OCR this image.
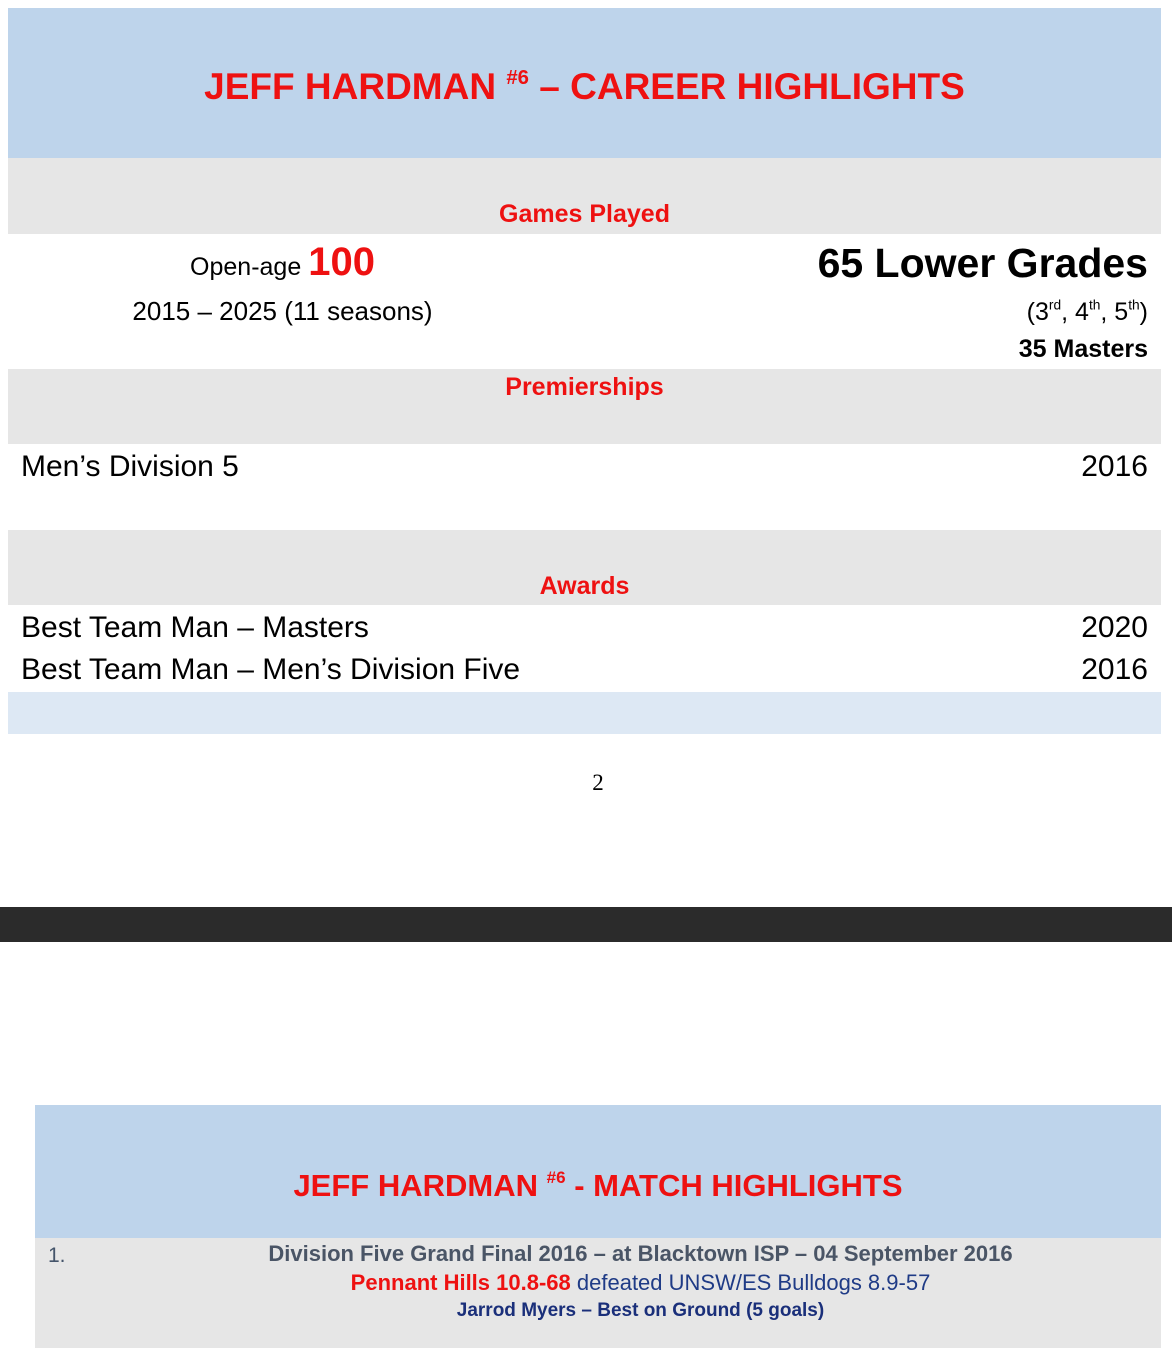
JEFF HARDMAN $^{\#6}$ – CAREER HIGHLIGHTS
Games Played
Open-age 100
2015 – 2025 (11 seasons)
65 Lower Grades
(3rd, 4th, 5th)
35 Masters
Premierships
Men’s Division 5	2016
Awards
Best Team Man – Masters	2020
Best Team Man – Men’s Division Five	2016
2
JEFF HARDMAN $^{\#6}$ - MATCH HIGHLIGHTS
1.	Division Five Grand Final 2016 – at Blacktown ISP – 04 September 2016
Pennant Hills 10.8-68 defeated UNSW/ES Bulldogs 8.9-57
Jarrod Myers – Best on Ground (5 goals)
